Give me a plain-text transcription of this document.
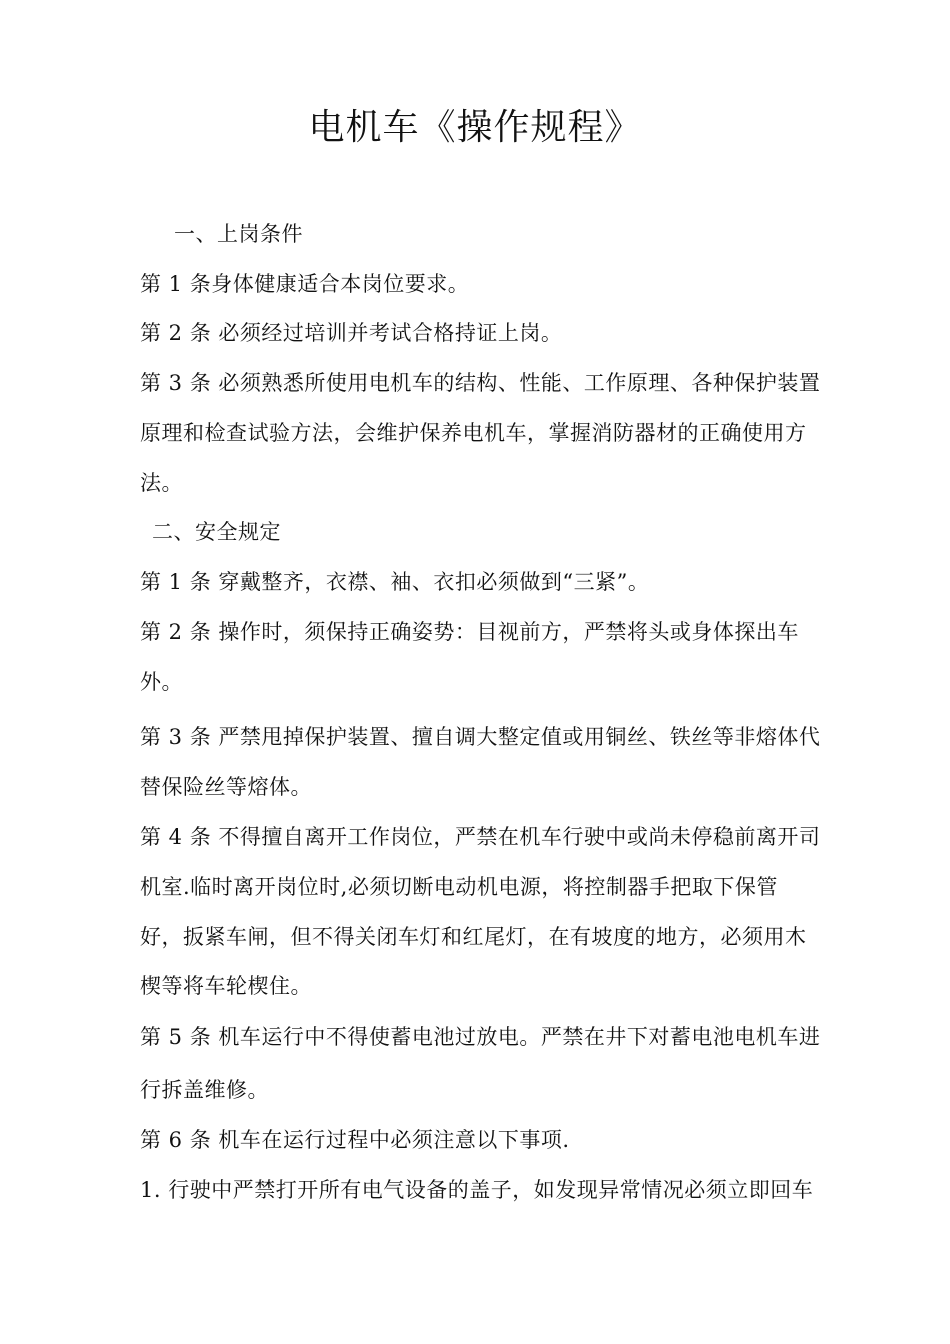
电机车《操作规程》
一、上岗条件
第 1 条身体健康适合本岗位要求。
第 2 条 必须经过培训并考试合格持证上岗。
第 3 条 必须熟悉所使用电机车的结构、性能、工作原理、各种保护装置
原理和检查试验方法，会维护保养电机车，掌握消防器材的正确使用方
法。
二、安全规定
第 1 条 穿戴整齐，衣襟、袖、衣扣必须做到“三紧”。
第 2 条 操作时，须保持正确姿势：目视前方，严禁将头或身体探出车
外。
第 3 条 严禁甩掉保护装置、擅自调大整定值或用铜丝、铁丝等非熔体代
替保险丝等熔体。
第 4 条 不得擅自离开工作岗位，严禁在机车行驶中或尚未停稳前离开司
机室.临时离开岗位时,必须切断电动机电源，将控制器手把取下保管
好，扳紧车闸，但不得关闭车灯和红尾灯，在有坡度的地方，必须用木
楔等将车轮楔住。
第 5 条 机车运行中不得使蓄电池过放电。严禁在井下对蓄电池电机车进
行拆盖维修。
第 6 条 机车在运行过程中必须注意以下事项.
1. 行驶中严禁打开所有电气设备的盖子，如发现异常情况必须立即回车
